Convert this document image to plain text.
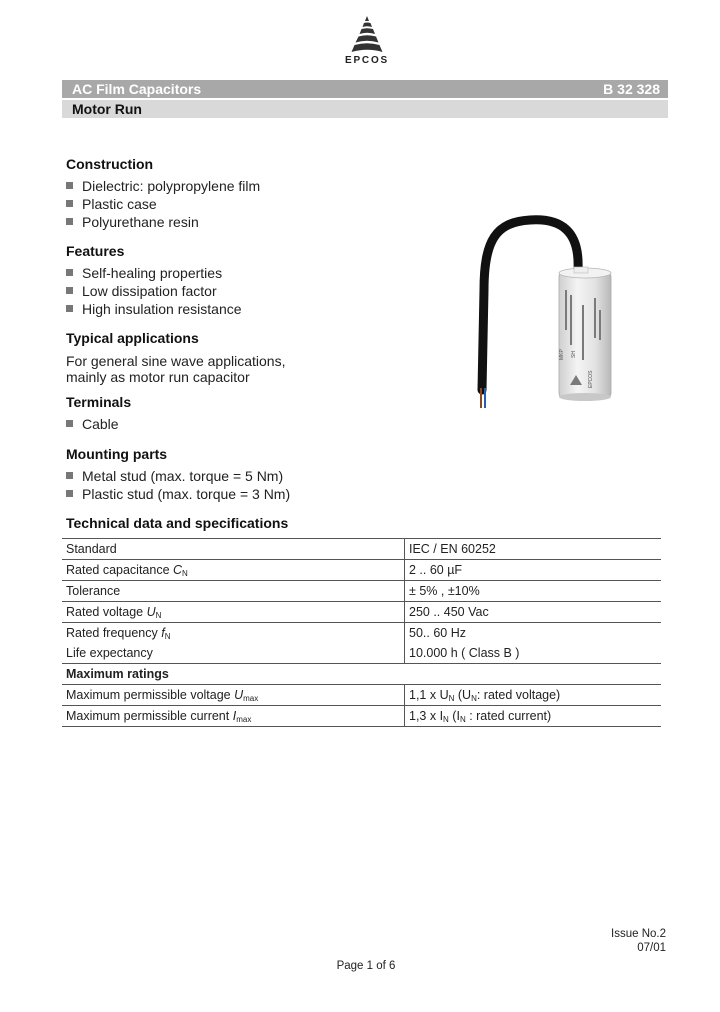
EPCOS
AC Film Capacitors	B 32 328
Motor Run
Construction
Dielectric: polypropylene film
Plastic case
Polyurethane resin
Features
Self-healing properties
Low dissipation factor
High insulation resistance
Typical applications
For general sine wave applications,
mainly as motor run capacitor
Terminals
Cable
Mounting parts
Metal stud (max. torque = 5 Nm)
Plastic stud (max. torque = 3 Nm)
MKP SH
EPCOS
Technical data and specifications
Standard	IEC / EN 60252
Rated capacitance $C_N$	2 .. 60 µF
Tolerance	± 5% , ±10%
Rated voltage $U_N$	250 .. 450 Vac
Rated frequency $f_N$	50.. 60 Hz
Life expectancy	10.000 h ( Class B )
Maximum ratings	
Maximum permissible voltage $U_{max}$	1,1 x $U_N$ ($U_N$: rated voltage)
Maximum permissible current $I_{max}$	1,3 x $I_N$ ($I_N$ : rated current)
Issue No.2
07/01
Page 1 of 6
